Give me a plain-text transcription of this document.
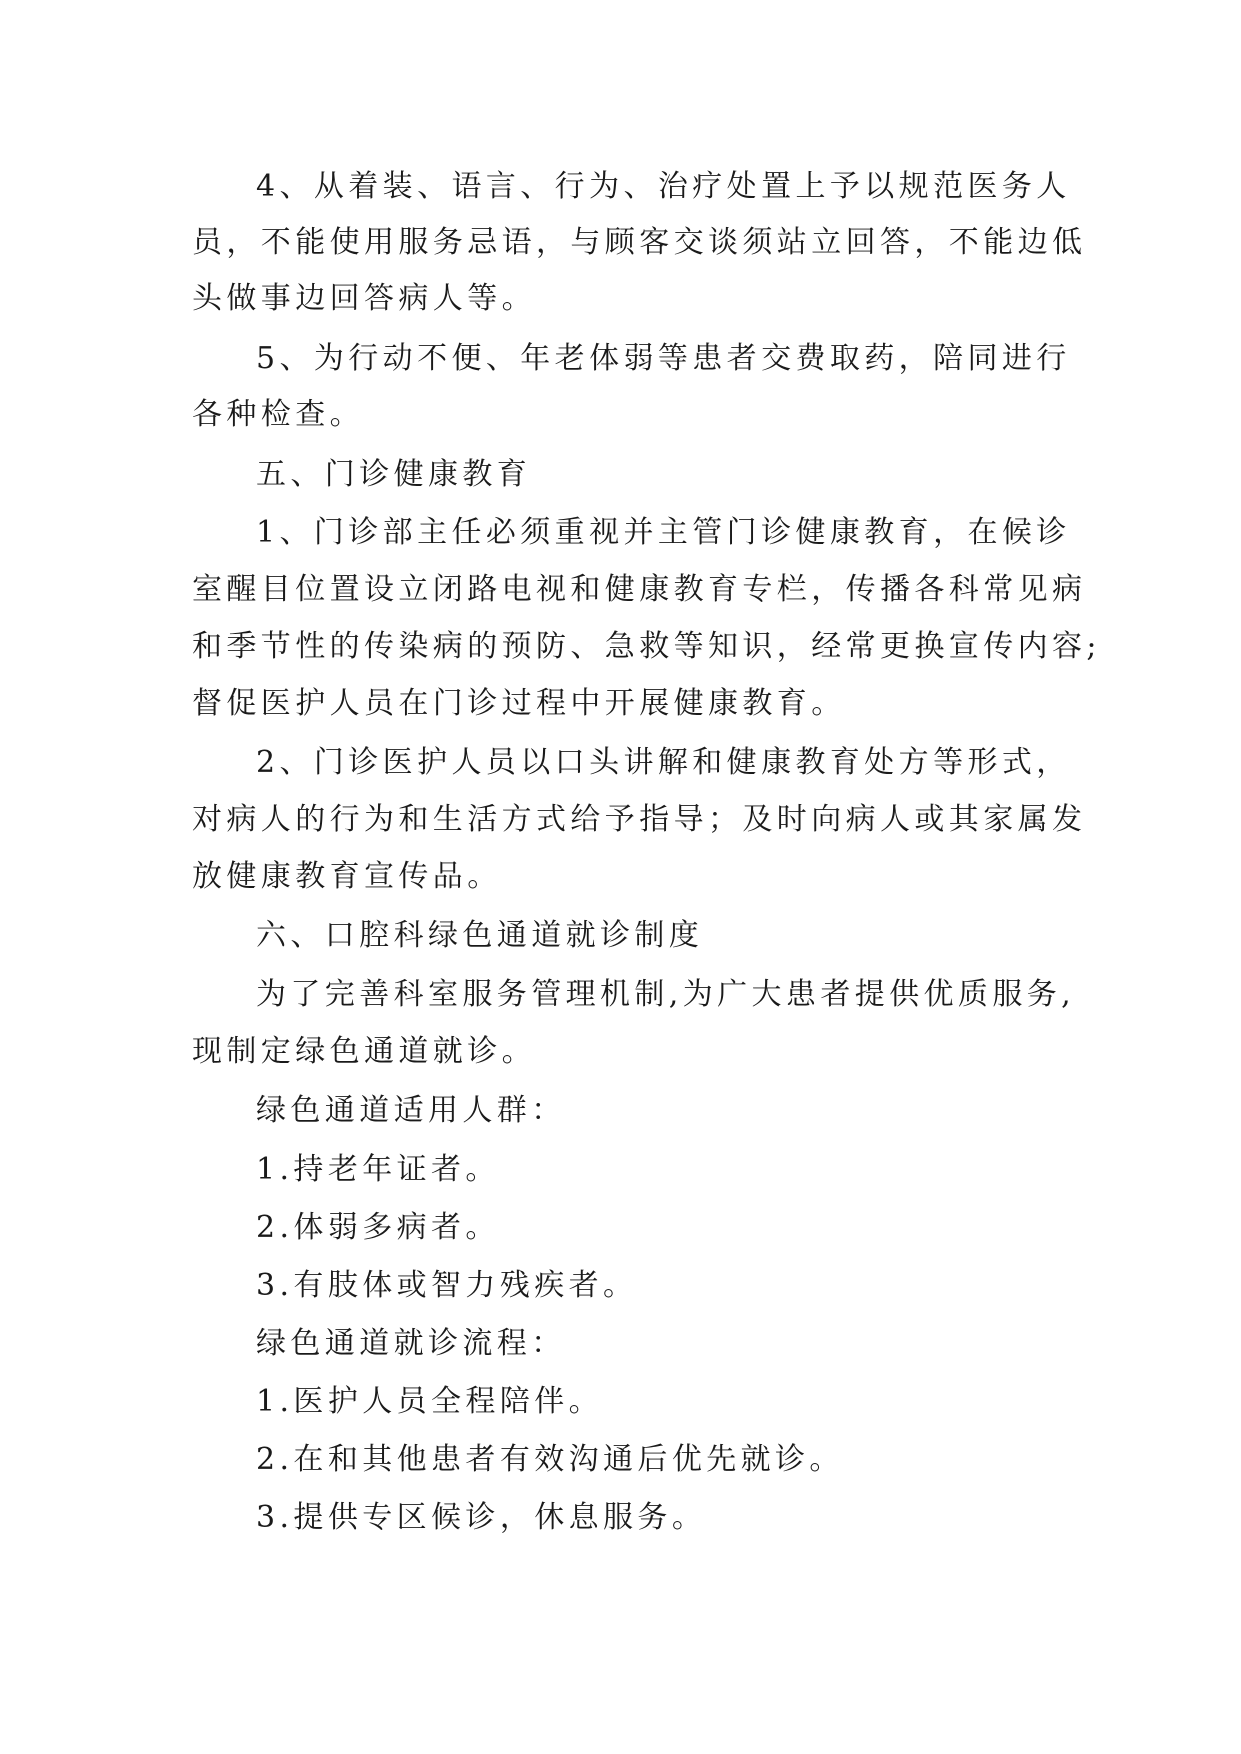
4、从着装、语言、行为、治疗处置上予以规范医务人
员，不能使用服务忌语，与顾客交谈须站立回答，不能边低
头做事边回答病人等。
5、为行动不便、年老体弱等患者交费取药，陪同进行
各种检查。
五、门诊健康教育
1、门诊部主任必须重视并主管门诊健康教育，在候诊
室醒目位置设立闭路电视和健康教育专栏，传播各科常见病
和季节性的传染病的预防、急救等知识，经常更换宣传内容;
督促医护人员在门诊过程中开展健康教育。
2、门诊医护人员以口头讲解和健康教育处方等形式，
对病人的行为和生活方式给予指导；及时向病人或其家属发
放健康教育宣传品。
六、口腔科绿色通道就诊制度
为了完善科室服务管理机制,为广大患者提供优质服务,
现制定绿色通道就诊。
绿色通道适用人群：
1.持老年证者。
2.体弱多病者。
3.有肢体或智力残疾者。
绿色通道就诊流程：
1.医护人员全程陪伴。
2.在和其他患者有效沟通后优先就诊。
3.提供专区候诊，休息服务。
